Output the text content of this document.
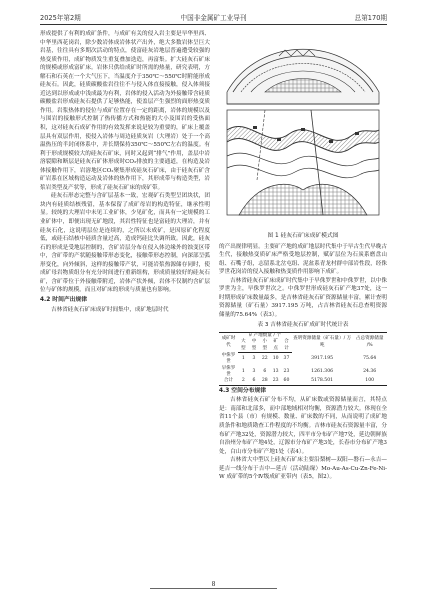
2025年第2期	中国非金属矿工业导刊	总第170期

形成提供了有利的成矿条件，与成矿有关的侵入岩主要是早华里西、中华里西花岗岩，除少数岩体成岩体状产出外，绝大多数岩体呈巨大岩基，往往具有多期次活动的特点，使富硅灰岩地层普遍遭受较强的热变质作用，成矿物质发生重复叠加迭造，再富集。扩大硅灰石矿床的规模或形成富矿床。岩体只供给成矿时所需的热量，研究表明，方解石和石英在一个大气压下，当温度介于350℃～550℃时附能形成硅灰石。因此，硅质碳酸盐岩往往不与侵入体直接接触，侵入体须接近达到以形成或中浅成最为有利，岩体的侵入活动为外接触带含硅质碳酸盐岩形成硅灰石提供了足够热能，使盖层产生强烈的面形热变质作用。岩浆热体的侵位与成矿位置存在一定的距离，岩体的规模以及与围岩的接触形式控制了热传播方式和热能的大小及围岩的受热面积，这对硅灰石成矿作用的有效发挥来说是较为重要的，矿床上覆盖层具有双层作用，使侵入岩体与周边硅质灰岩（大理岩）处于一个高温热压的半封闭体系中，并长期保持350℃～550℃左右的温度。有利于形成规模较大的硅灰石矿床，同时又起到“排气”作用，盖层中岩溶裂隙和断层是硅灰石矿体形成时CO₂排放的主要通道，在构造及岩体接触作用下，岩溶地区CO₂聚集形成硅灰石矿床，由于硅灰石矿含矿岩系在区域构造运动及岩体的热作用下，其形成带与构造类型，岩浆岩类型及产状等，形成了硅灰石矿床的成矿带。

硅灰石形态完整与含矿层基本一致，宏观矿石类型呈团块状，团块内有硅质结核残留，基本保留了成矿母岩的构造特征，继承性明显。较纯的大理岩中未见工业矿体，少见矿化，而具有一定规模的工业矿体中，即便出现无矿地段，其岩性特征也是富硅的大理岩，并有硅灰石化，这说明层位是连续的，之所以未成矿，是因原矿化程度低，或硅石结核中硅质含量过高，造成钙硅比失调所致。因此，硅灰石的形成是受地层控制的，含矿岩层分布在侵入体边缘外的蚀变区带中，含矿带的产状随接触带形态变化，接触带形态控制，向深部呈弧形变化，向外倾斜，这样的接触带产状，可能岩浆热源储存同时，使成矿母岩物质组分有充分时间进行重新组构，形成质量较好的硅灰石矿，含矿带位于外接触带附近，岩体产状外倾，岩体不仅制约含矿层位与矿体的规模，而且对矿床的形成与质量也有影响。

4.2 时间产出规律

吉林省硅灰石矿床成矿时间集中，成矿地层时代

图 1 硅灰石矿床成矿模式图

的产出规律明显。主要矿产地的成矿地层时代集中于早古生代早晚古生代，接触热变质矿床严格受地层控制，赋矿层位为石炭系磨盘山组、石嘴子组，志留系北岔屯组、泥盆系青龙村群中部岩性段，经侏罗世花岗岩的侵入接触和热变质作用影响下成矿。

吉林省硅灰石矿床成矿时代集中于早侏罗世和中侏罗世，以中侏罗世为主，早侏罗世次之。中侏罗世形成硅灰石矿产地37处，这一时期形成矿床数量最多，是吉林省硅灰石矿资源储量丰富，累计查明资源储量（矿石量）3917.195 万吨，占吉林省硅灰石总查明资源储量的75.64%（表3）。

表 3 吉林省硅灰石矿成矿时代统计表
成矿时代	矿产地数量 / 个					查明资源储量（矿石量）/ 万吨	占总资源储量 /%
	大型	中型	小型	矿点	合计		
中侏罗世	1	3	22	10	37	3917.195	75.64
早侏罗世	1	3	6	13	23	1261.306	24.36
合计	2	6	28	23	60	5178.501	100
4.3 空间分布规律

吉林省硅灰石矿分布不均，从矿床数或资源储量而言，其特点是：南部和北部多，而中部地域相对均衡，资源潜力较大。体现在全省11个县（市）有规模、数量、矿床数的不同，从而说明了成矿地质条件和地质勘查工作程度的不均衡。吉林市硅灰石资源量丰富，分布矿产地32处，资源潜力较大，四平市分布矿产地7处，延边朝鲜族自治州分布矿产地4处，辽源市分布矿产地3处，长春市分布矿产地3处，白山市分布矿产地1处（表4）。

吉林省大中型以上硅灰石矿床主要沿梨树—双阳—磐石—永吉—延吉一线分布于吉中—延吉（活动陆缘）Mo-Au-As-Cu-Zn-Fe-Ni-W 成矿带的5个Ⅳ级成矿亚带内（表5，图2）。

8
